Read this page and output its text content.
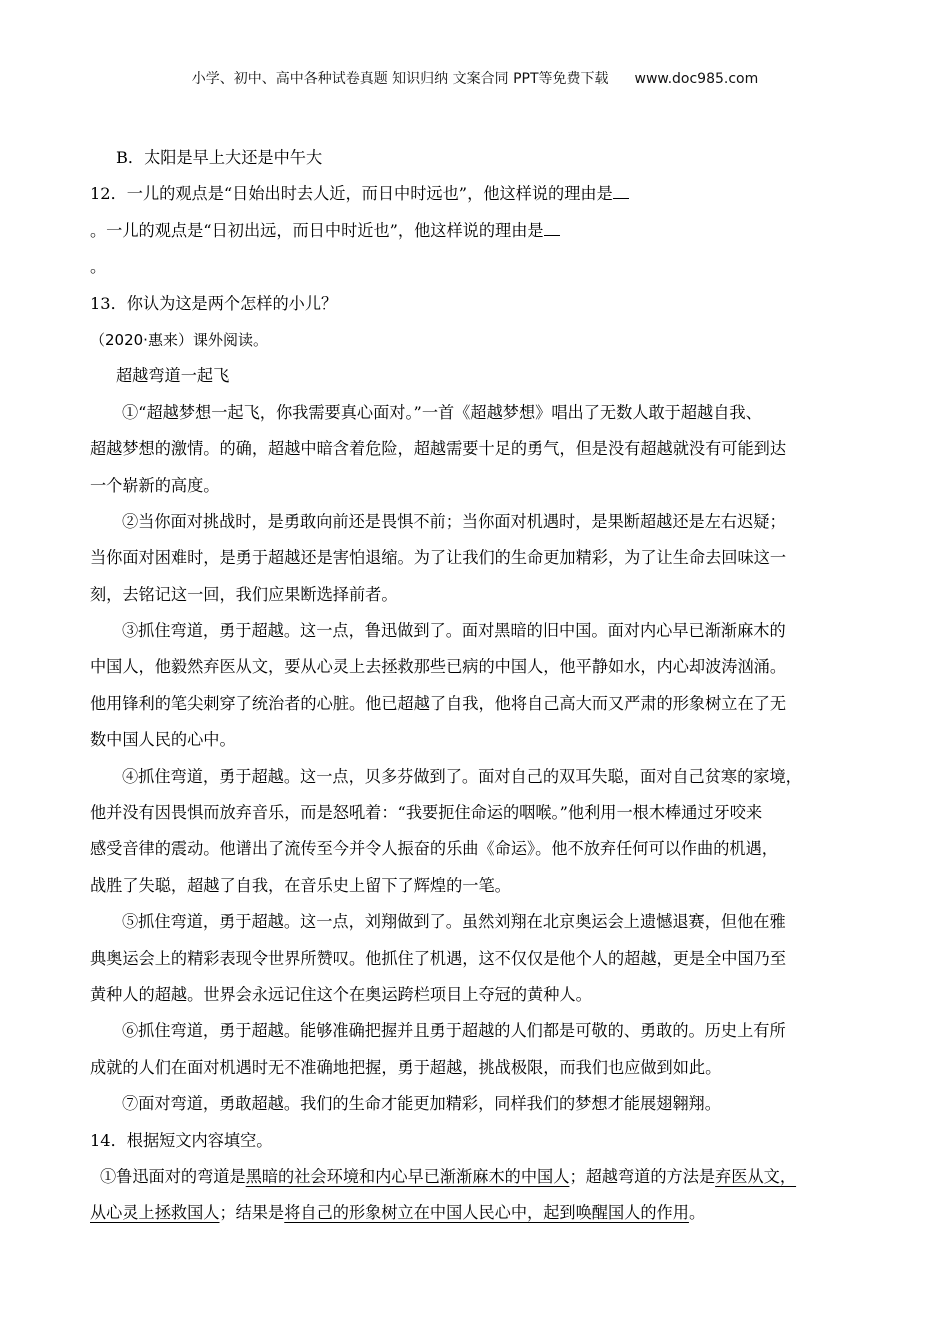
小学、初中、高中各种试卷真题 知识归纳 文案合同 PPT等免费下载 www.doc985.com
B．太阳是早上大还是中午大
12．一儿的观点是“日始出时去人近，而日中时远也”，他这样说的理由是
。一儿的观点是“日初出远，而日中时近也”，他这样说的理由是
。
13．你认为这是两个怎样的小儿？
（2020·惠来）课外阅读。
超越弯道一起飞
①“超越梦想一起飞，你我需要真心面对。”一首《超越梦想》唱出了无数人敢于超越自我、
超越梦想的激情。的确，超越中暗含着危险，超越需要十足的勇气，但是没有超越就没有可能到达
一个崭新的高度。
②当你面对挑战时，是勇敢向前还是畏惧不前；当你面对机遇时，是果断超越还是左右迟疑；
当你面对困难时，是勇于超越还是害怕退缩。为了让我们的生命更加精彩，为了让生命去回味这一
刻，去铭记这一回，我们应果断选择前者。
③抓住弯道，勇于超越。这一点，鲁迅做到了。面对黑暗的旧中国。面对内心早已渐渐麻木的
中国人，他毅然弃医从文，要从心灵上去拯救那些已病的中国人，他平静如水，内心却波涛汹涌。
他用锋利的笔尖刺穿了统治者的心脏。他已超越了自我，他将自己高大而又严肃的形象树立在了无
数中国人民的心中。
④抓住弯道，勇于超越。这一点，贝多芬做到了。面对自己的双耳失聪，面对自己贫寒的家境，
他并没有因畏惧而放弃音乐，而是怒吼着：“我要扼住命运的咽喉。”他利用一根木棒通过牙咬来
感受音律的震动。他谱出了流传至今并令人振奋的乐曲《命运》。他不放弃任何可以作曲的机遇，
战胜了失聪，超越了自我，在音乐史上留下了辉煌的一笔。
⑤抓住弯道，勇于超越。这一点，刘翔做到了。虽然刘翔在北京奥运会上遗憾退赛，但他在雅
典奥运会上的精彩表现令世界所赞叹。他抓住了机遇，这不仅仅是他个人的超越，更是全中国乃至
黄种人的超越。世界会永远记住这个在奥运跨栏项目上夺冠的黄种人。
⑥抓住弯道，勇于超越。能够准确把握并且勇于超越的人们都是可敬的、勇敢的。历史上有所
成就的人们在面对机遇时无不准确地把握，勇于超越，挑战极限，而我们也应做到如此。
⑦面对弯道，勇敢超越。我们的生命才能更加精彩，同样我们的梦想才能展翅翱翔。
14．根据短文内容填空。
①鲁迅面对的弯道是黑暗的社会环境和内心早已渐渐麻木的中国人；超越弯道的方法是弃医从文，
从心灵上拯救国人；结果是将自己的形象树立在中国人民心中，起到唤醒国人的作用。
